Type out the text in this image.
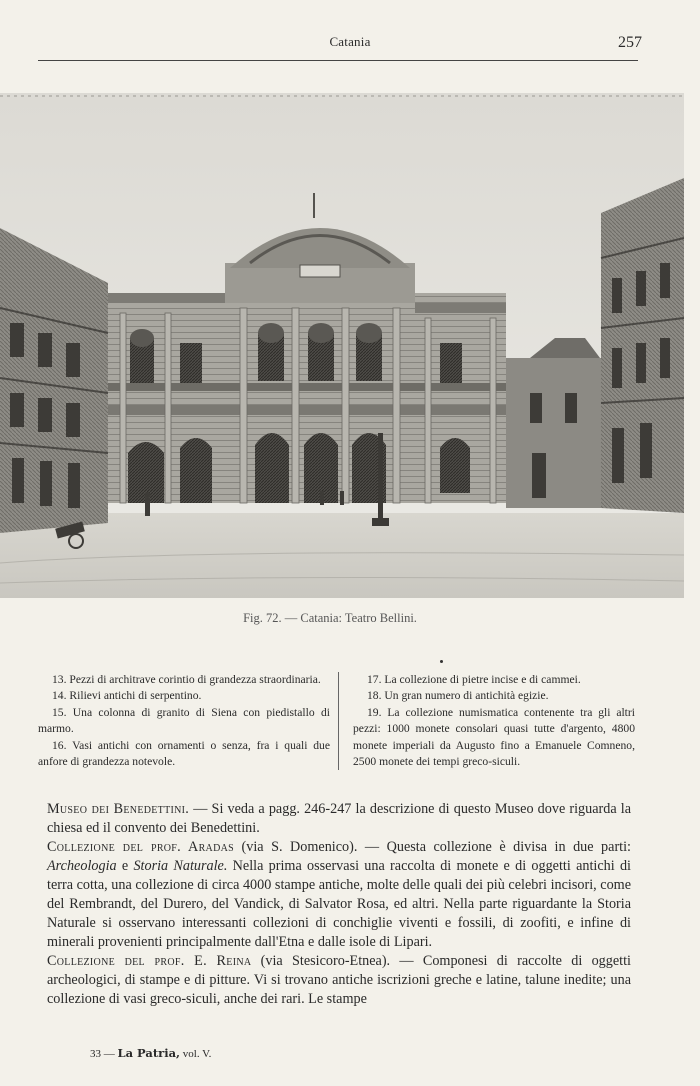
Catania	257
Fig. 72. — Catania: Teatro Bellini.

13. Pezzi di architrave corintio di grandezza straordinaria.

14. Rilievi antichi di serpentino.

15. Una colonna di granito di Siena con piedistallo di marmo.

16. Vasi antichi con ornamenti o senza, fra i quali due anfore di grandezza notevole.

17. La collezione di pietre incise e di cammei.

18. Un gran numero di antichità egizie.

19. La collezione numismatica contenente tra gli altri pezzi: 1000 monete consolari quasi tutte d'argento, 4800 monete imperiali da Augusto fino a Emanuele Comneno, 2500 monete dei tempi greco-siculi.

Museo dei Benedettini. — Si veda a pagg. 246-247 la descrizione di questo Museo dove riguarda la chiesa ed il convento dei Benedettini.

Collezione del prof. Aradas (via S. Domenico). — Questa collezione è divisa in due parti: Archeologia e Storia Naturale. Nella prima osservasi una raccolta di monete e di oggetti antichi di terra cotta, una collezione di circa 4000 stampe antiche, molte delle quali dei più celebri incisori, come del Rembrandt, del Durero, del Vandick, di Salvator Rosa, ed altri. Nella parte riguardante la Storia Naturale si osservano interessanti collezioni di conchiglie viventi e fossili, di zoofiti, e infine di minerali provenienti principalmente dall'Etna e dalle isole di Lipari.

Collezione del prof. E. Reina (via Stesicoro-Etnea). — Componesi di raccolte di oggetti archeologici, di stampe e di pitture. Vi si trovano antiche iscrizioni greche e latine, talune inedite; una collezione di vasi greco-siculi, anche dei rari. Le stampe

33 — La Patria, vol. V.
